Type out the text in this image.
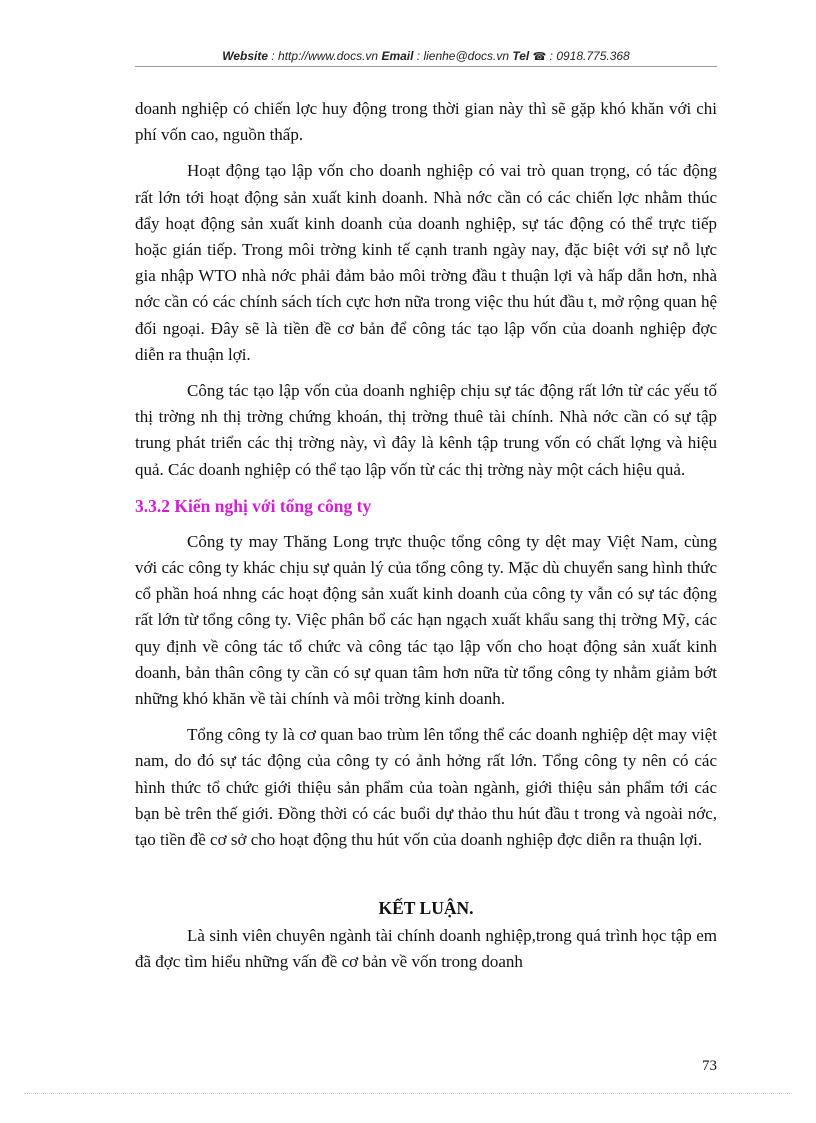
Website : http://www.docs.vn Email : lienhe@docs.vn Tel ☎ : 0918.775.368

doanh nghiệp có chiến lợc huy động trong thời gian này thì sẽ gặp khó khăn với chi phí vốn cao, nguồn thấp.

Hoạt động tạo lập vốn cho doanh nghiệp có vai trò quan trọng, có tác động rất lớn tới hoạt động sản xuất kinh doanh. Nhà nớc cần có các chiến lợc nhằm thúc đẩy hoạt động sản xuất kinh doanh của doanh nghiệp, sự tác động có thể trực tiếp hoặc gián tiếp. Trong môi trờng kinh tế cạnh tranh ngày nay, đặc biệt với sự nỗ lực gia nhập WTO nhà nớc phải đảm bảo môi trờng đầu t thuận lợi và hấp dẫn hơn, nhà nớc cần có các chính sách tích cực hơn nữa trong việc thu hút đầu t, mở rộng quan hệ đối ngoại. Đây sẽ là tiền đề cơ bản để công tác tạo lập vốn của doanh nghiệp đợc diễn ra thuận lợi.

Công tác tạo lập vốn của doanh nghiệp chịu sự tác động rất lớn từ các yếu tố thị trờng nh thị trờng chứng khoán, thị trờng thuê tài chính. Nhà nớc cần có sự tập trung phát triển các thị trờng này, vì đây là kênh tập trung vốn có chất lợng và hiệu quả. Các doanh nghiệp có thể tạo lập vốn từ các thị trờng này một cách hiệu quả.

3.3.2 Kiến nghị với tổng công ty

Công ty may Thăng Long trực thuộc tổng công ty dệt may Việt Nam, cùng với các công ty khác chịu sự quản lý của tổng công ty. Mặc dù chuyển sang hình thức cổ phần hoá nhng các hoạt động sản xuất kinh doanh của công ty vẫn có sự tác động rất lớn từ tổng công ty. Việc phân bổ các hạn ngạch xuất khẩu sang thị trờng Mỹ, các quy định về công tác tổ chức và công tác tạo lập vốn cho hoạt động sản xuất kinh doanh, bản thân công ty cần có sự quan tâm hơn nữa từ tổng công ty nhằm giảm bớt những khó khăn về tài chính và môi trờng kinh doanh.

Tổng công ty là cơ quan bao trùm lên tổng thể các doanh nghiệp dệt may việt nam, do đó sự tác động của công ty có ảnh hởng rất lớn. Tổng công ty nên có các hình thức tổ chức giới thiệu sản phẩm của toàn ngành, giới thiệu sản phẩm tới các bạn bè trên thế giới. Đồng thời có các buổi dự thảo thu hút đầu t trong và ngoài nớc, tạo tiền đề cơ sở cho hoạt động thu hút vốn của doanh nghiệp đợc diễn ra thuận lợi.

KẾT LUẬN.

Là sinh viên chuyên ngành tài chính doanh nghiệp,trong quá trình học tập em đã đợc tìm hiểu những vấn đề cơ bản về vốn trong doanh

73
